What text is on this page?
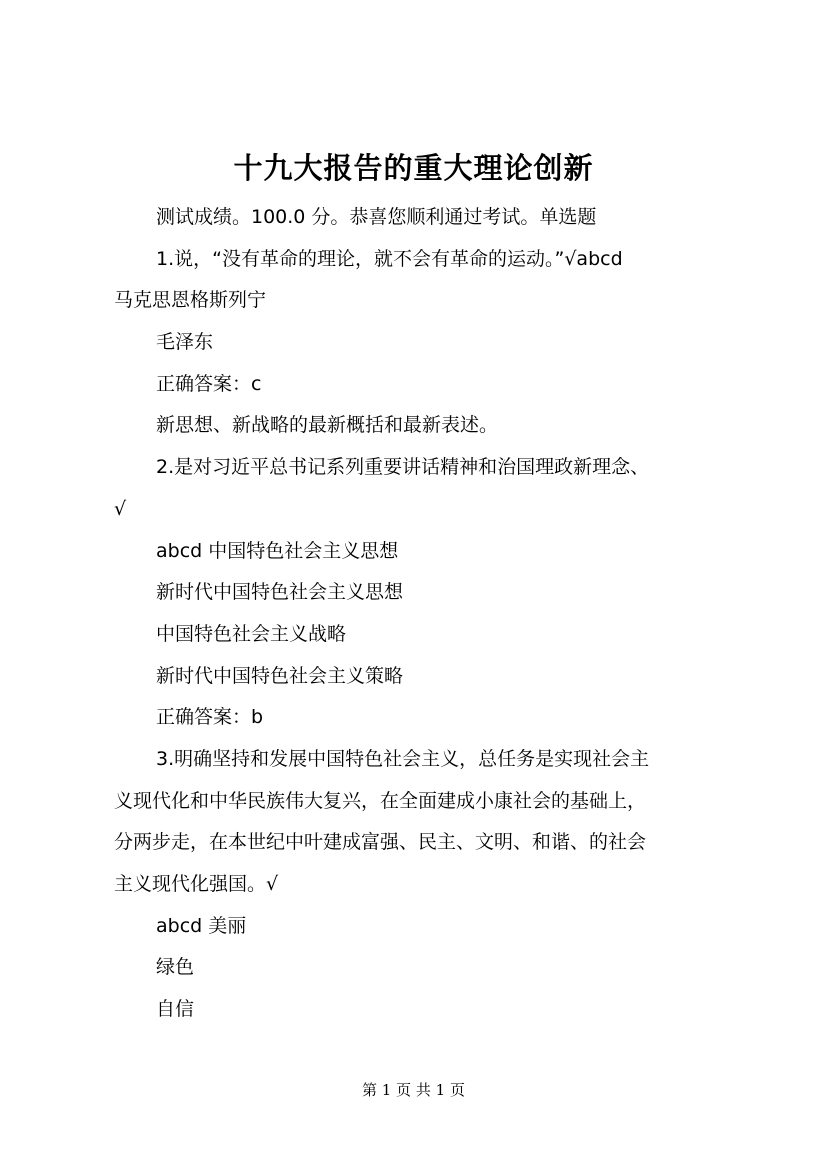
十九大报告的重大理论创新
测试成绩。100.0 分。恭喜您顺利通过考试。单选题
1.说，“没有革命的理论，就不会有革命的运动。”√abcd
马克思恩格斯列宁
毛泽东
正确答案：c
新思想、新战略的最新概括和最新表述。
2.是对习近平总书记系列重要讲话精神和治国理政新理念、
√
abcd 中国特色社会主义思想
新时代中国特色社会主义思想
中国特色社会主义战略
新时代中国特色社会主义策略
正确答案：b
3.明确坚持和发展中国特色社会主义，总任务是实现社会主
义现代化和中华民族伟大复兴，在全面建成小康社会的基础上，
分两步走，在本世纪中叶建成富强、民主、文明、和谐、的社会
主义现代化强国。√
abcd 美丽
绿色
自信
第 1 页 共 1 页
